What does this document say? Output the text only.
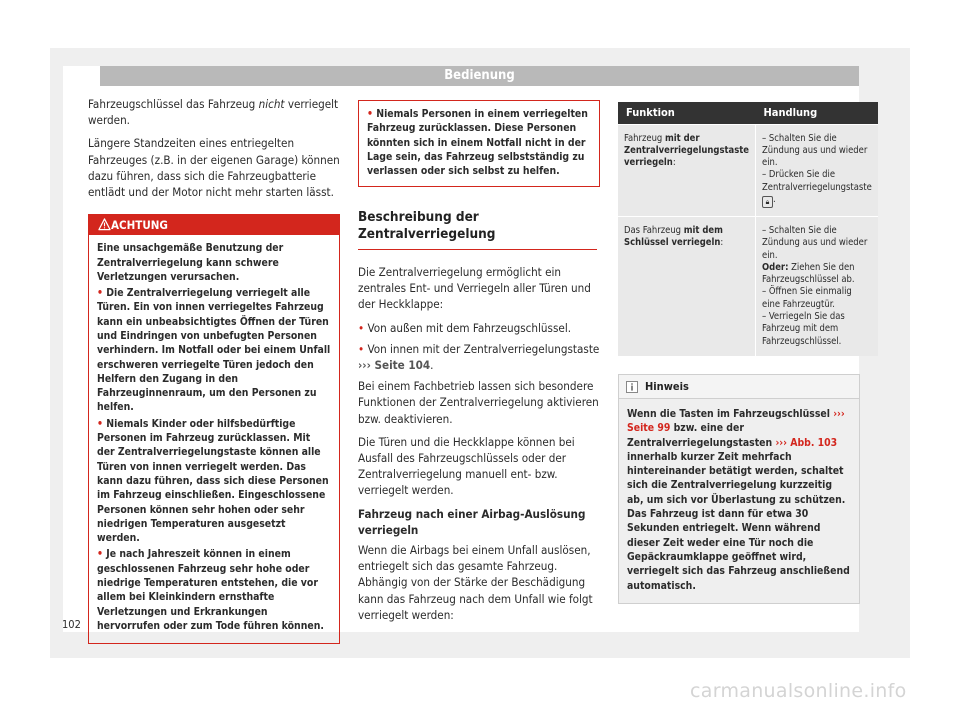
Bedienung

Fahrzeugschlüssel das Fahrzeug nicht verriegelt werden.

Längere Standzeiten eines entriegelten Fahrzeuges (z.B. in der eigenen Garage) können dazu führen, dass sich die Fahrzeugbatterie entlädt und der Motor nicht mehr starten lässt.

ACHTUNG

Eine unsachgemäße Benutzung der Zentralverriegelung kann schwere Verletzungen verursachen.

• Die Zentralverriegelung verriegelt alle Türen. Ein von innen verriegeltes Fahrzeug kann ein unbeabsichtigtes Öffnen der Türen und Eindringen von unbefugten Personen verhindern. Im Notfall oder bei einem Unfall erschweren verriegelte Türen jedoch den Helfern den Zugang in den Fahrzeuginnenraum, um den Personen zu helfen.

• Niemals Kinder oder hilfsbedürftige Personen im Fahrzeug zurücklassen. Mit der Zentralverriegelungstaste können alle Türen von innen verriegelt werden. Das kann dazu führen, dass sich diese Personen im Fahrzeug einschließen. Eingeschlossene Personen können sehr hohen oder sehr niedrigen Temperaturen ausgesetzt werden.

• Je nach Jahreszeit können in einem geschlossenen Fahrzeug sehr hohe oder niedrige Temperaturen entstehen, die vor allem bei Kleinkindern ernsthafte Verletzungen und Erkrankungen hervorrufen oder zum Tode führen können.

• Niemals Personen in einem verriegelten Fahrzeug zurücklassen. Diese Personen könnten sich in einem Notfall nicht in der Lage sein, das Fahrzeug selbstständig zu verlassen oder sich selbst zu helfen.
Beschreibung der Zentralverriegelung

Die Zentralverriegelung ermöglicht ein zentrales Ent- und Verriegeln aller Türen und der Heckklappe:

• Von außen mit dem Fahrzeugschlüssel.
• Von innen mit der Zentralverriegelungstaste ››› Seite 104.

Bei einem Fachbetrieb lassen sich besondere Funktionen der Zentralverriegelung aktivieren bzw. deaktivieren.

Die Türen und die Heckklappe können bei Ausfall des Fahrzeugschlüssels oder der Zentralverriegelung manuell ent- bzw. verriegelt werden.

Fahrzeug nach einer Airbag-Auslösung verriegeln

Wenn die Airbags bei einem Unfall auslösen, entriegelt sich das gesamte Fahrzeug. Abhängig von der Stärke der Beschädigung kann das Fahrzeug nach dem Unfall wie folgt verriegelt werden:

Funktion	Handlung
Fahrzeug mit der Zentralverriegelungstaste verriegeln:	– Schalten Sie die Zündung aus und wieder ein.
– Drücken Sie die Zentralverriegelungstaste 🔒︎ .

Das Fahrzeug mit dem Schlüssel verriegeln:	– Schalten Sie die Zündung aus und wieder ein.
Oder: Ziehen Sie den Fahrzeugschlüssel ab.
– Öffnen Sie einmalig eine Fahrzeugtür.
– Verriegeln Sie das Fahrzeug mit dem Fahrzeugschlüssel.
Hinweis
Wenn die Tasten im Fahrzeugschlüssel ››› Seite 99 bzw. eine der Zentralverriegelungstasten ››› Abb. 103 innerhalb kurzer Zeit mehrfach hintereinander betätigt werden, schaltet sich die Zentralverriegelung kurzzeitig ab, um sich vor Überlastung zu schützen. Das Fahrzeug ist dann für etwa 30 Sekunden entriegelt. Wenn während dieser Zeit weder eine Tür noch die Gepäckraumklappe geöffnet wird, verriegelt sich das Fahrzeug anschließend automatisch.
102
carmanualsonline.info
